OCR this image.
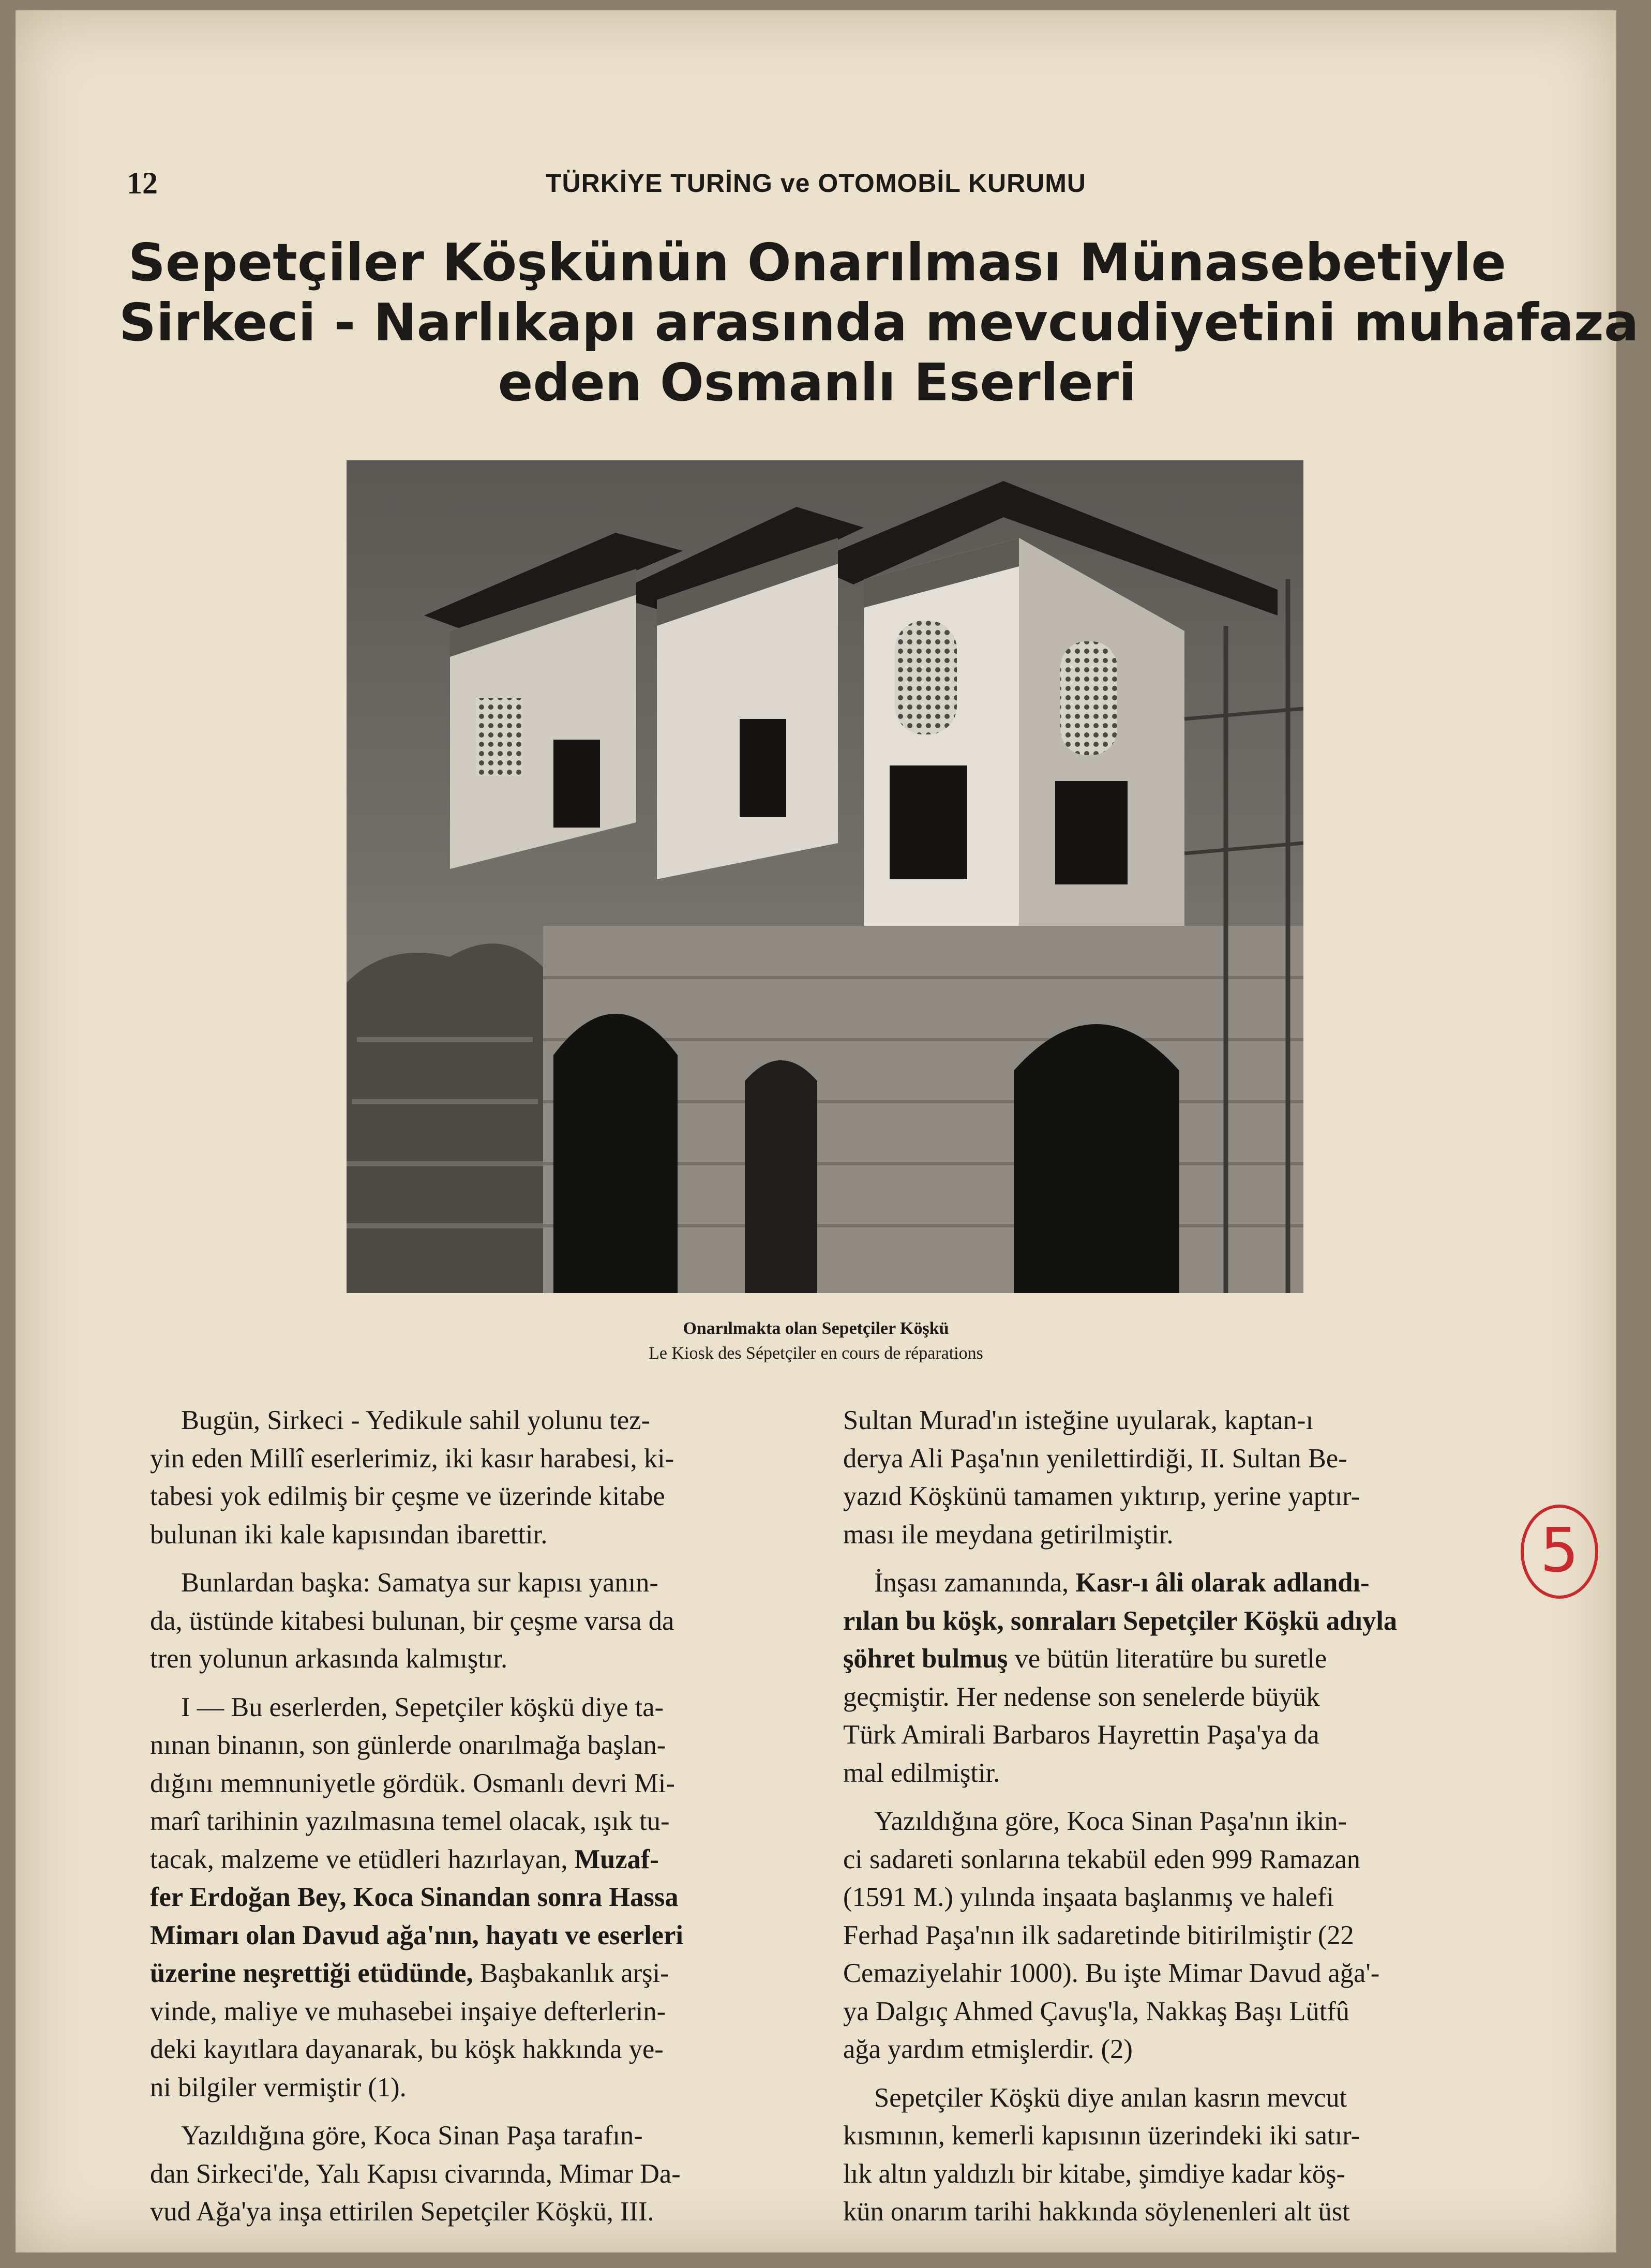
12	TÜRKİYE TURİNG ve OTOMOBİL KURUMU
Sepetçiler Köşkünün Onarılması Münasebetiyle
Sirkeci - Narlıkapı arasında mevcudiyetini muhafaza
eden Osmanlı Eserleri
Onarılmakta olan Sepetçiler Köşkü
Le Kiosk des Sépetçiler en cours de réparations

Bugün, Sirkeci - Yedikule sahil yolunu tez-

yin eden Millî eserlerimiz, iki kasır harabesi, ki-

tabesi yok edilmiş bir çeşme ve üzerinde kitabe

bulunan iki kale kapısından ibarettir.

Bunlardan başka: Samatya sur kapısı yanın-

da, üstünde kitabesi bulunan, bir çeşme varsa da

tren yolunun arkasında kalmıştır.

I — Bu eserlerden, Sepetçiler köşkü diye ta-

nınan binanın, son günlerde onarılmağa başlan-

dığını memnuniyetle gördük. Osmanlı devri Mi-

marî tarihinin yazılmasına temel olacak, ışık tu-

tacak, malzeme ve etüdleri hazırlayan, Muzaf-

fer Erdoğan Bey, Koca Sinandan sonra Hassa

Mimarı olan Davud ağa'nın, hayatı ve eserleri

üzerine neşrettiği etüdünde, Başbakanlık arşi-

vinde, maliye ve muhasebei inşaiye defterlerin-

deki kayıtlara dayanarak, bu köşk hakkında ye-

ni bilgiler vermiştir (1).

Yazıldığına göre, Koca Sinan Paşa tarafın-

dan Sirkeci'de, Yalı Kapısı civarında, Mimar Da-

vud Ağa'ya inşa ettirilen Sepetçiler Köşkü, III.

Sultan Murad'ın isteğine uyularak, kaptan-ı

derya Ali Paşa'nın yenilettirdiği, II. Sultan Be-

yazıd Köşkünü tamamen yıktırıp, yerine yaptır-

ması ile meydana getirilmiştir.

İnşası zamanında, Kasr-ı âli olarak adlandı-

rılan bu köşk, sonraları Sepetçiler Köşkü adıyla

şöhret bulmuş ve bütün literatüre bu suretle

geçmiştir. Her nedense son senelerde büyük

Türk Amirali Barbaros Hayrettin Paşa'ya da

mal edilmiştir.

Yazıldığına göre, Koca Sinan Paşa'nın ikin-

ci sadareti sonlarına tekabül eden 999 Ramazan

(1591 M.) yılında inşaata başlanmış ve halefi

Ferhad Paşa'nın ilk sadaretinde bitirilmiştir (22

Cemaziyelahir 1000). Bu işte Mimar Davud ağa'-

ya Dalgıç Ahmed Çavuş'la, Nakkaş Başı Lütfû

ağa yardım etmişlerdir. (2)

Sepetçiler Köşkü diye anılan kasrın mevcut

kısmının, kemerli kapısının üzerindeki iki satır-

lık altın yaldızlı bir kitabe, şimdiye kadar köş-

kün onarım tarihi hakkında söylenenleri alt üst

5
